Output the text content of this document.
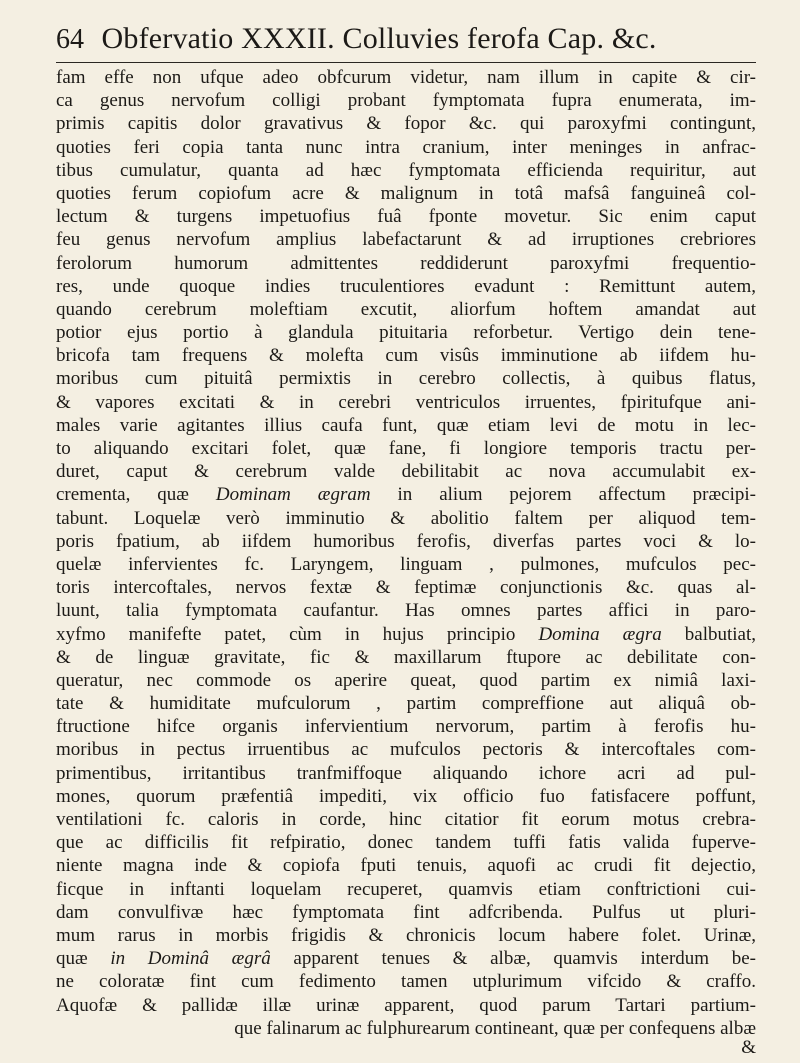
64 Obfervatio XXXII. Colluvies ferofa Cap. &c.
fam effe non ufque adeo obfcurum videtur, nam illum in capite & cir-
ca genus nervofum colligi probant fymptomata fupra enumerata, im-
primis capitis dolor gravativus & fopor &c. qui paroxyfmi contingunt,
quoties feri copia tanta nunc intra cranium, inter meninges in anfrac-
tibus cumulatur, quanta ad hæc fymptomata efficienda requiritur, aut
quoties ferum copiofum acre & malignum in totâ mafsâ fanguineâ col-
lectum & turgens impetuofius fuâ fponte movetur. Sic enim caput
feu genus nervofum amplius labefactarunt & ad irruptiones crebriores
ferolorum humorum admittentes reddiderunt paroxyfmi frequentio-
res, unde quoque indies truculentiores evadunt : Remittunt autem,
quando cerebrum moleftiam excutit, aliorfum hoftem amandat aut
potior ejus portio à glandula pituitaria reforbetur. Vertigo dein tene-
bricofa tam frequens & molefta cum visûs imminutione ab iifdem hu-
moribus cum pituitâ permixtis in cerebro collectis, à quibus flatus,
& vapores excitati & in cerebri ventriculos irruentes, fpiritufque ani-
males varie agitantes illius caufa funt, quæ etiam levi de motu in lec-
to aliquando excitari folet, quæ fane, fi longiore temporis tractu per-
duret, caput & cerebrum valde debilitabit ac nova accumulabit ex-
crementa, quæ Dominam ægram in alium pejorem affectum præcipi-
tabunt. Loquelæ verò imminutio & abolitio faltem per aliquod tem-
poris fpatium, ab iifdem humoribus ferofis, diverfas partes voci & lo-
quelæ infervientes fc. Laryngem, linguam , pulmones, mufculos pec-
toris intercoftales, nervos fextæ & feptimæ conjunctionis &c. quas al-
luunt, talia fymptomata caufantur. Has omnes partes affici in paro-
xyfmo manifefte patet, cùm in hujus principio Domina ægra balbutiat,
& de linguæ gravitate, fic & maxillarum ftupore ac debilitate con-
queratur, nec commode os aperire queat, quod partim ex nimiâ laxi-
tate & humiditate mufculorum , partim compreffione aut aliquâ ob-
ftructione hifce organis infervientium nervorum, partim à ferofis hu-
moribus in pectus irruentibus ac mufculos pectoris & intercoftales com-
primentibus, irritantibus tranfmiffoque aliquando ichore acri ad pul-
mones, quorum præfentiâ impediti, vix officio fuo fatisfacere poffunt,
ventilationi fc. caloris in corde, hinc citatior fit eorum motus crebra-
que ac difficilis fit refpiratio, donec tandem tuffi fatis valida fuperve-
niente magna inde & copiofa fputi tenuis, aquofi ac crudi fit dejectio,
ficque in inftanti loquelam recuperet, quamvis etiam conftrictioni cui-
dam convulfivæ hæc fymptomata fint adfcribenda. Pulfus ut pluri-
mum rarus in morbis frigidis & chronicis locum habere folet. Urinæ,
quæ in Dominâ ægrâ apparent tenues & albæ, quamvis interdum be-
ne coloratæ fint cum fedimento tamen utplurimum vifcido & craffo.
Aquofæ & pallidæ illæ urinæ apparent, quod parum Tartari partium-
que falinarum ac fulphurearum contineant, quæ per confequens albæ
&
